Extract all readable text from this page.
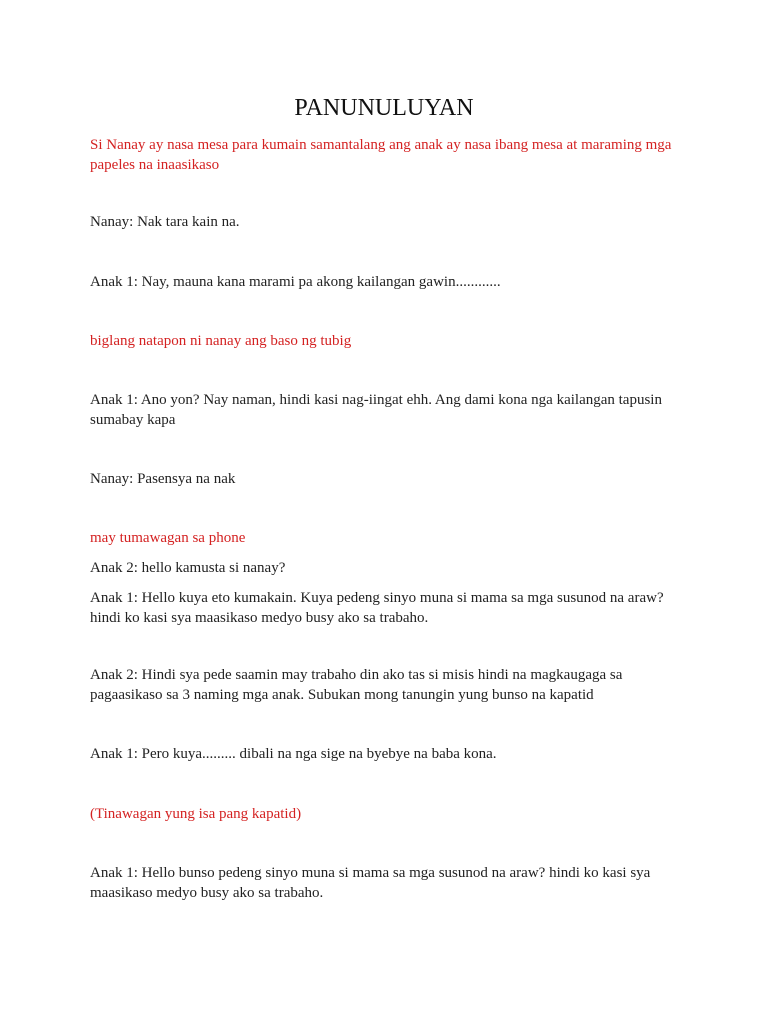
PANUNULUYAN

Si Nanay ay nasa mesa para kumain samantalang ang anak ay nasa ibang mesa at maraming mga papeles na inaasikaso

Nanay: Nak tara kain na.

Anak 1: Nay, mauna kana marami pa akong kailangan gawin............

biglang natapon ni nanay ang baso ng tubig

Anak 1: Ano yon? Nay naman, hindi kasi nag-iingat ehh. Ang dami kona nga kailangan tapusin sumabay kapa

Nanay: Pasensya na nak

may tumawagan sa phone

Anak 2: hello kamusta si nanay?

Anak 1: Hello kuya eto kumakain. Kuya pedeng sinyo muna si mama sa mga susunod na araw? hindi ko kasi sya maasikaso medyo busy ako sa trabaho.

Anak 2: Hindi sya pede saamin may trabaho din ako tas si misis hindi na magkaugaga sa pagaasikaso sa 3 naming mga anak. Subukan mong tanungin yung bunso na kapatid

Anak 1: Pero kuya......... dibali na nga sige na byebye na baba kona.

(Tinawagan yung isa pang kapatid)

Anak 1: Hello bunso pedeng sinyo muna si mama sa mga susunod na araw? hindi ko kasi sya maasikaso medyo busy ako sa trabaho.
